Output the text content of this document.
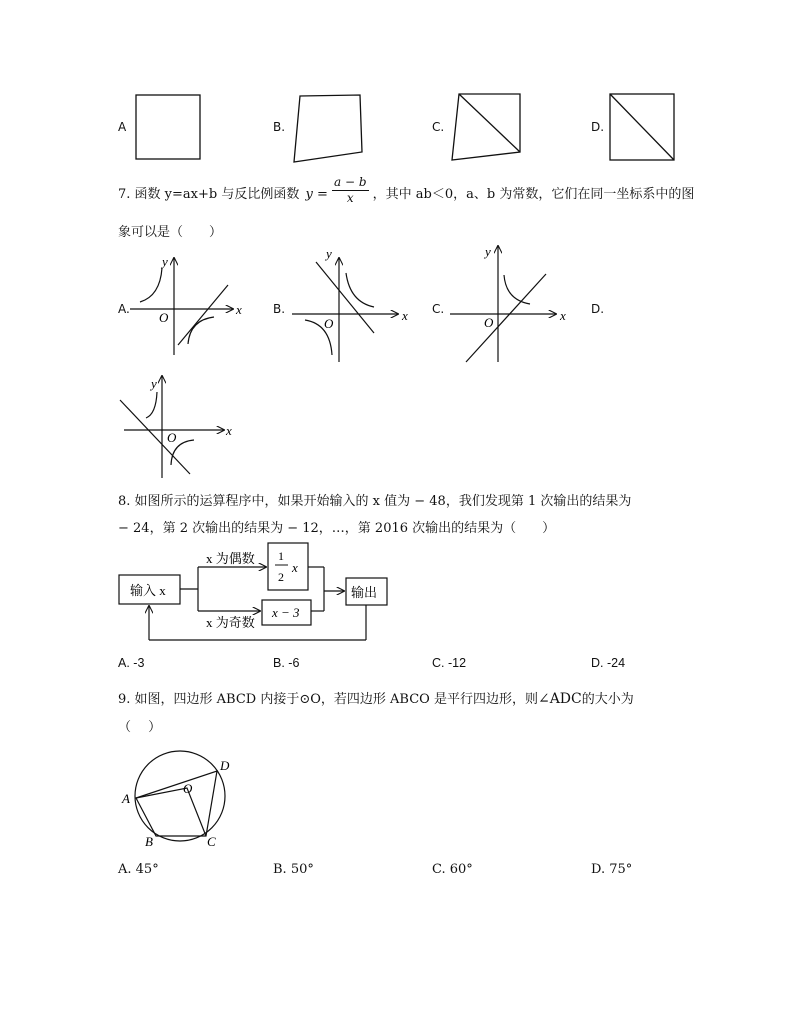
A	B.	C.	D.
7. 函数 y=ax+b 与反比例函数 $y = \frac{a - b}{x}$ ，其中 ab＜0，a、b 为常数，它们在同一坐标系中的图
象可以是（　　）
A.	x
y
O
B.	x
y
O
C.	x
y
O
D.
x
y
O
8. 如图所示的运算程序中，如果开始输入的 x 值为 − 48，我们发现第 1 次输出的结果为
− 24，第 2 次输出的结果为 − 12，…，第 2016 次输出的结果为（　　）
输入 x
x 为偶数
x 为奇数
1
2
x
x − 3
输出
A. -3	B. -6	C. -12	D. -24
9. 如图，四边形 ABCD 内接于⊙O，若四边形 ABCO 是平行四边形，则∠ADC的大小为
（　 ）
A
B	C
D
O
A. 45°	B. 50°	C. 60°	D. 75°
